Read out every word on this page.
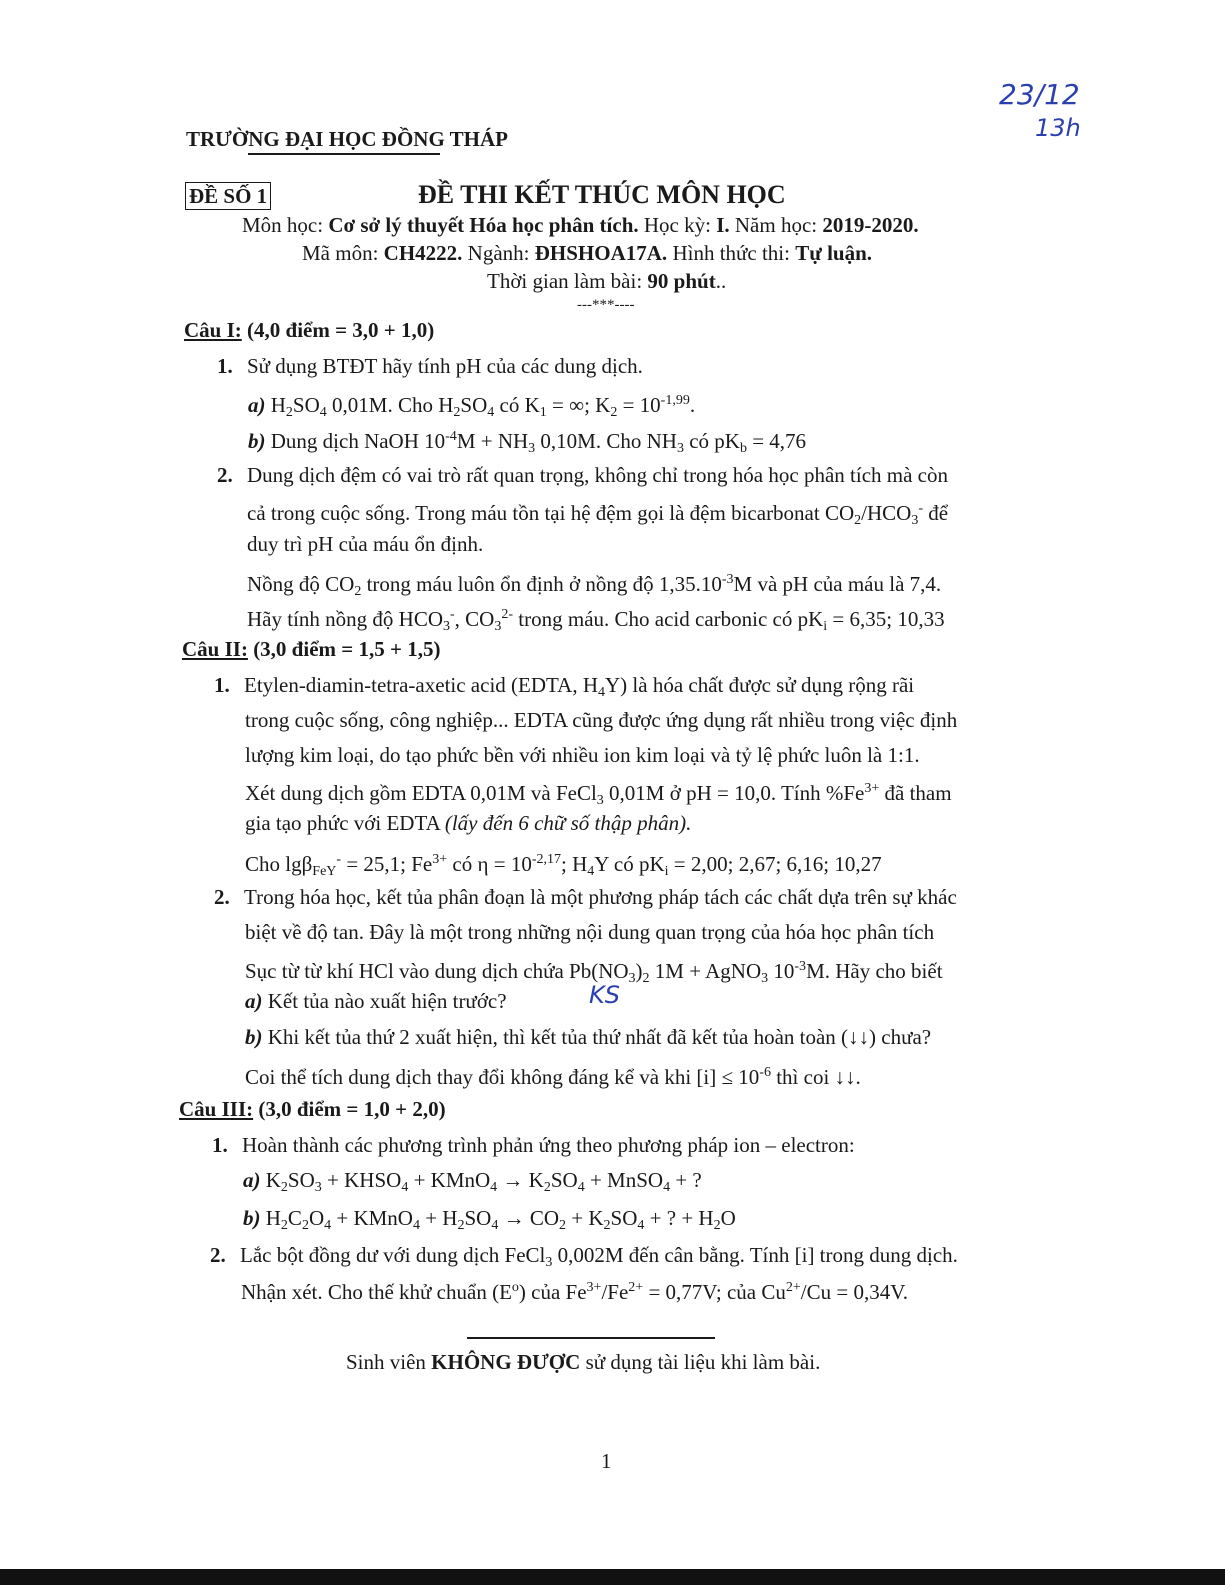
23/12
13h
TRƯỜNG ĐẠI HỌC ĐỒNG THÁP
ĐỀ SỐ 1	ĐỀ THI KẾT THÚC MÔN HỌC
Môn học: Cơ sở lý thuyết Hóa học phân tích. Học kỳ: I. Năm học: 2019-2020.
Mã môn: CH4222. Ngành: ĐHSHOA17A. Hình thức thi: Tự luận.
Thời gian làm bài: 90 phút..
---***----
Câu I: (4,0 điểm = 3,0 + 1,0)
1. Sử dụng BTĐT hãy tính pH của các dung dịch.
a) $H_2SO_4$ 0,01M. Cho $H_2SO_4$ có $K_1$ = ∞; $K_2 = 10^{-1,99}$.
b) Dung dịch NaOH $10^{-4}M + NH_3$ 0,10M. Cho $NH_3$ có $pK_b = 4,76$
2. Dung dịch đệm có vai trò rất quan trọng, không chỉ trong hóa học phân tích mà còn
cả trong cuộc sống. Trong máu tồn tại hệ đệm gọi là đệm bicarbonat $CO_2/HCO_3^-$ để
duy trì pH của máu ổn định.
Nồng độ $CO_2$ trong máu luôn ổn định ở nồng độ $1,35.10^{-3}M$ và pH của máu là 7,4.
Hãy tính nồng độ $HCO_3^-$, $CO_3^{2-}$ trong máu. Cho acid carbonic có $pK_i = 6,35$; 10,33
Câu II: (3,0 điểm = 1,5 + 1,5)
1. Etylen-diamin-tetra-axetic acid (EDTA, $H_4Y$) là hóa chất được sử dụng rộng rãi
trong cuộc sống, công nghiệp... EDTA cũng được ứng dụng rất nhiều trong việc định
lượng kim loại, do tạo phức bền với nhiều ion kim loại và tỷ lệ phức luôn là 1:1.
Xét dung dịch gồm EDTA 0,01M và FeCl$_3$ 0,01M ở pH = 10,0. Tính $\%Fe^{3+}$ đã tham
gia tạo phức với EDTA (lấy đến 6 chữ số thập phân).
Cho lgβ$_{FeY}$- = 25,1; $Fe^{3+}$ có $\eta = 10^{-2,17}$; $H_4Y$ có $pK_i = 2,00$; 2,67; 6,16; 10,27
2. Trong hóa học, kết tủa phân đoạn là một phương pháp tách các chất dựa trên sự khác
biệt về độ tan. Đây là một trong những nội dung quan trọng của hóa học phân tích
Sục từ từ khí HCl vào dung dịch chứa $Pb(NO_3)_2$ 1M + AgNO$_3$ $10^{-3}M$. Hãy cho biết
a) Kết tủa nào xuất hiện trước?	KS
b) Khi kết tủa thứ 2 xuất hiện, thì kết tủa thứ nhất đã kết tủa hoàn toàn (↓↓) chưa?
Coi thể tích dung dịch thay đổi không đáng kể và khi $[i] \le 10^{-6}$ thì coi ↓↓.
Câu III: (3,0 điểm = 1,0 + 2,0)
1. Hoàn thành các phương trình phản ứng theo phương pháp ion – electron:
a) $K_2SO_3$ + $KHSO_4$ + KMnO$_4$ → $K_2SO_4$ + MnSO$_4$ + ?
b) $H_2C_2O_4$ + KMnO$_4$ + $H_2SO_4 \to CO_2 + K_2SO_4$ + ? + $H_2O$
2. Lắc bột đồng dư với dung dịch FeCl$_3$ 0,002M đến cân bằng. Tính [i] trong dung dịch.
Nhận xét. Cho thế khử chuẩn $(E^o)$ của $Fe^{3+}/Fe^{2+} = 0,77V$; của $Cu^{2+}/Cu = 0,34V$.
Sinh viên KHÔNG ĐƯỢC sử dụng tài liệu khi làm bài.
1
